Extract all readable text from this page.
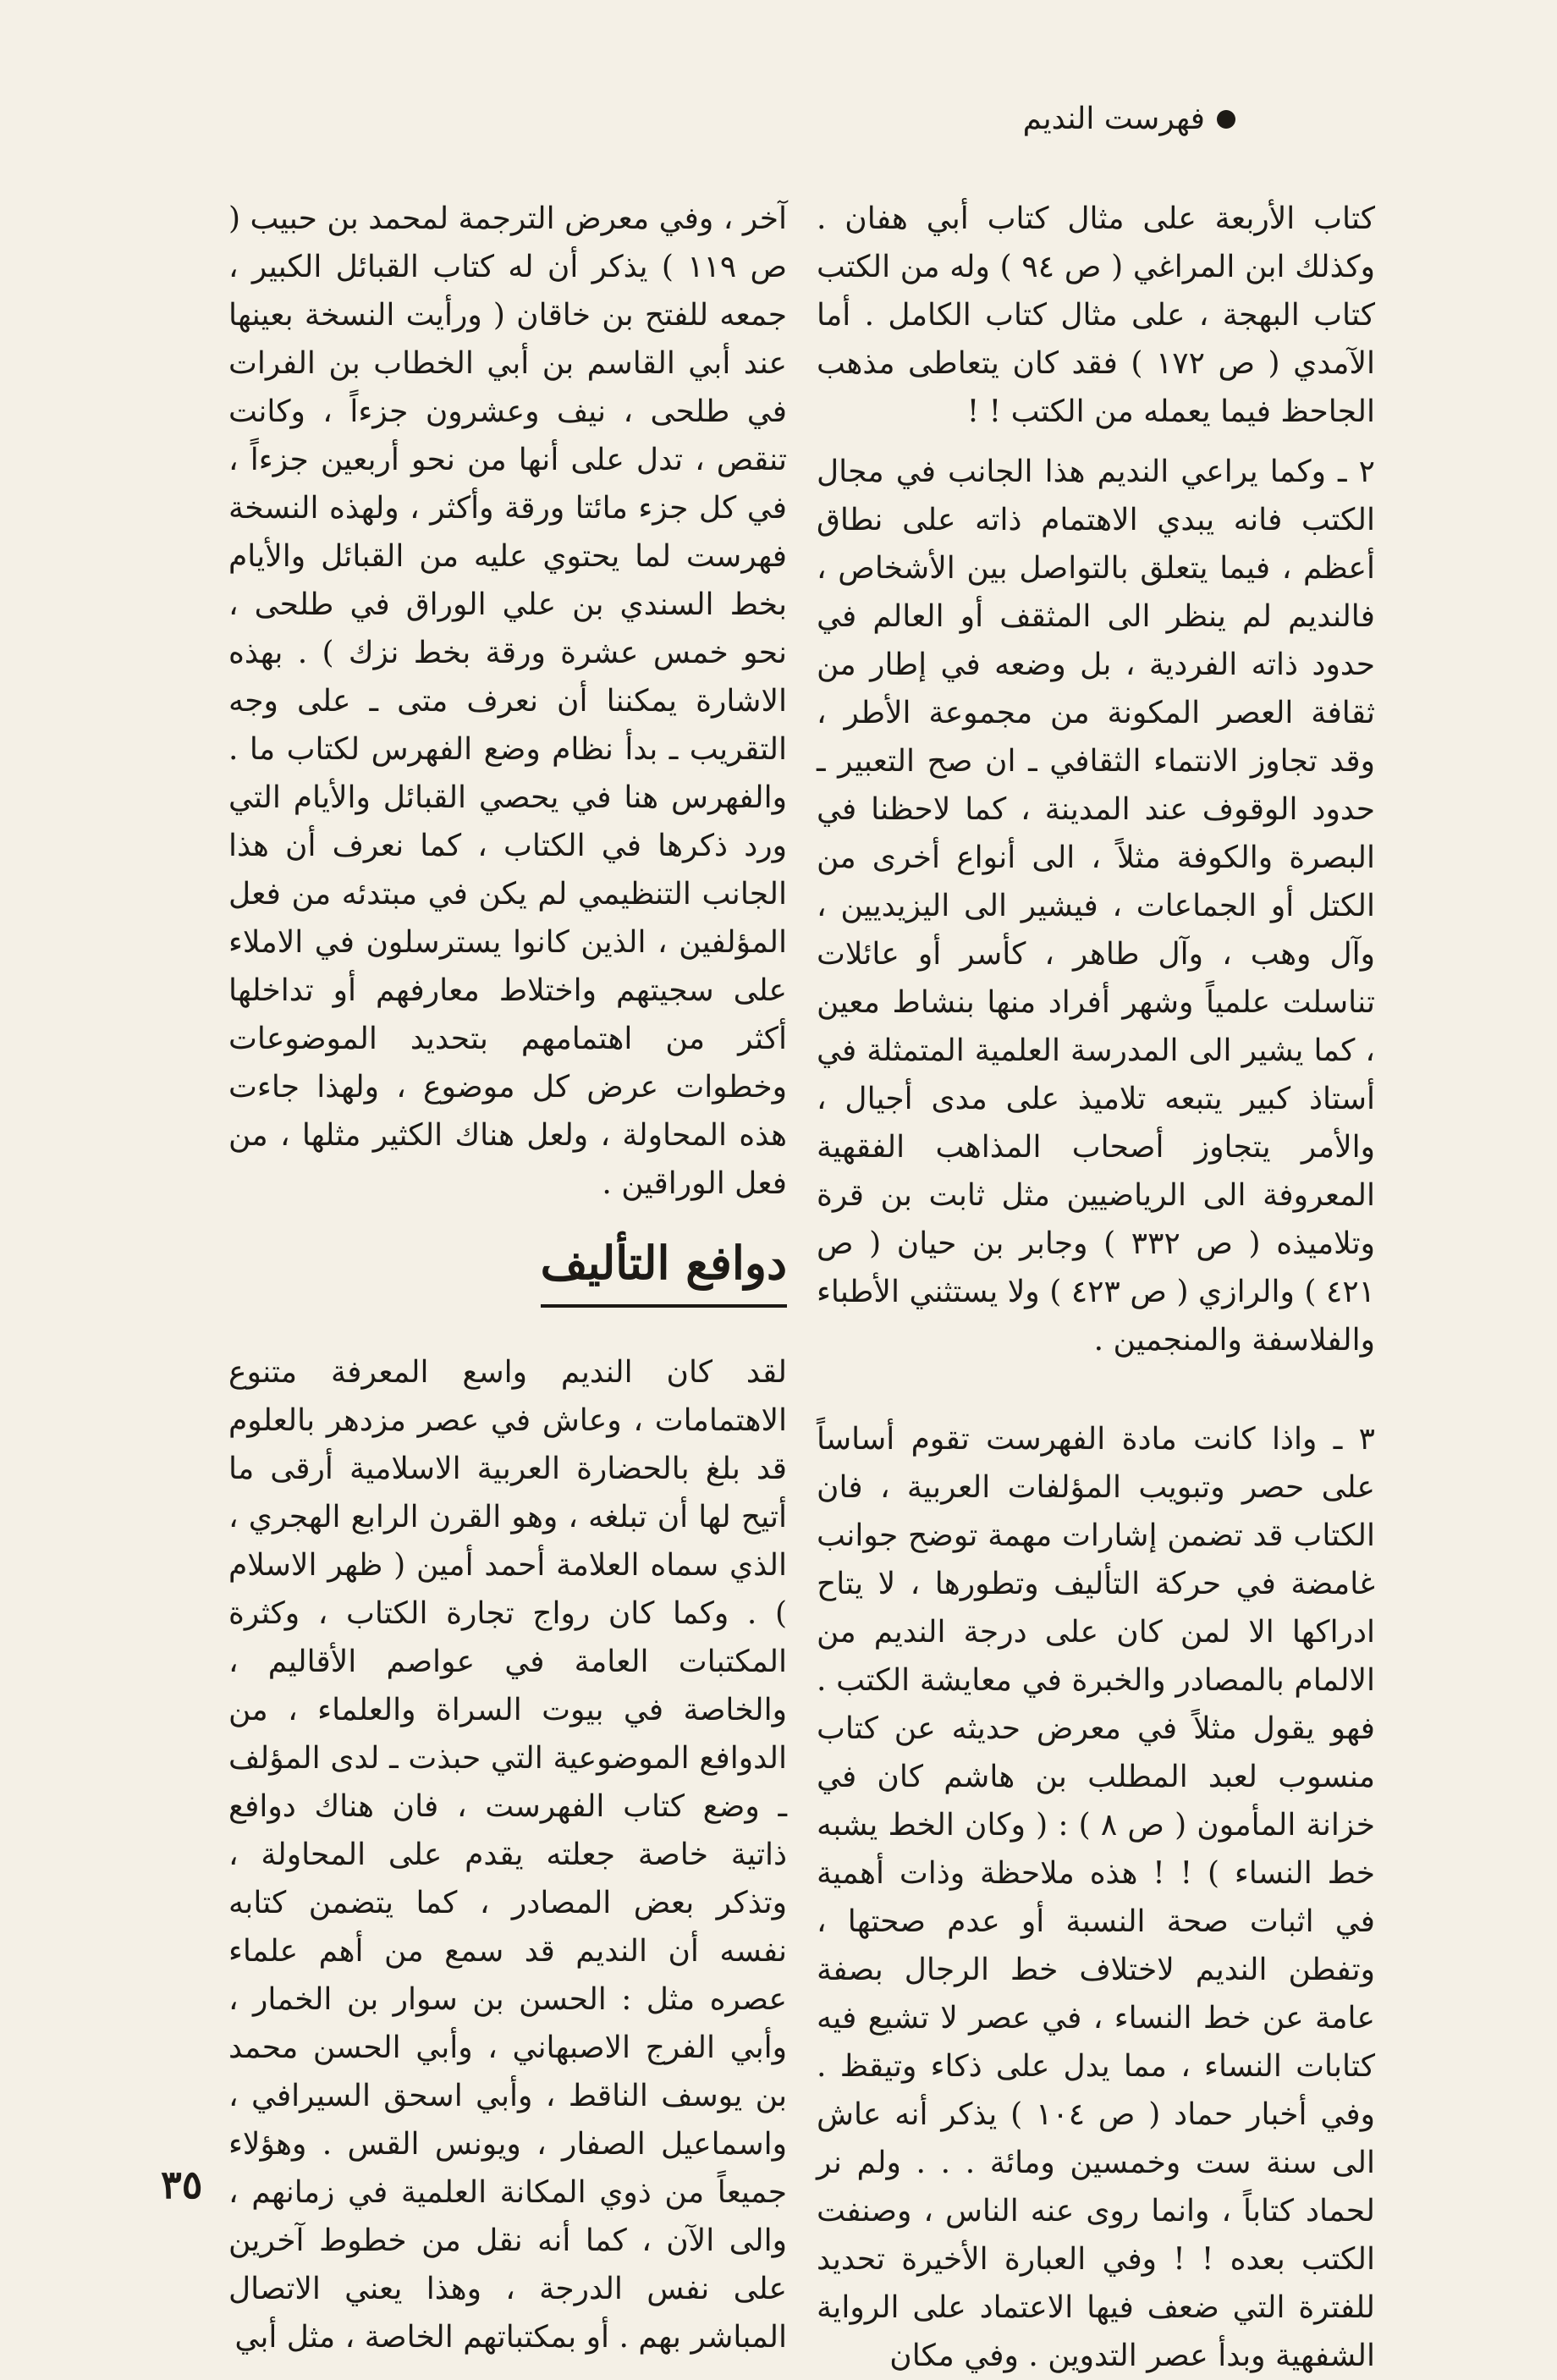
فهرست النديم

كتاب الأربعة على مثال كتاب أبي هفان . وكذلك ابن المراغي ( ص ٩٤ ) وله من الكتب كتاب البهجة ، على مثال كتاب الكامل . أما الآمدي ( ص ١٧٢ ) فقد كان يتعاطى مذهب الجاحظ فيما يعمله من الكتب ! !

٢ ـ وكما يراعي النديم هذا الجانب في مجال الكتب فانه يبدي الاهتمام ذاته على نطاق أعظم ، فيما يتعلق بالتواصل بين الأشخاص ، فالنديم لم ينظر الى المثقف أو العالم في حدود ذاته الفردية ، بل وضعه في إطار من ثقافة العصر المكونة من مجموعة الأطر ، وقد تجاوز الانتماء الثقافي ـ ان صح التعبير ـ حدود الوقوف عند المدينة ، كما لاحظنا في البصرة والكوفة مثلاً ، الى أنواع أخرى من الكتل أو الجماعات ، فيشير الى اليزيديين ، وآل وهب ، وآل طاهر ، كأسر أو عائلات تناسلت علمياً وشهر أفراد منها بنشاط معين ، كما يشير الى المدرسة العلمية المتمثلة في أستاذ كبير يتبعه تلاميذ على مدى أجيال ، والأمر يتجاوز أصحاب المذاهب الفقهية المعروفة الى الرياضيين مثل ثابت بن قرة وتلاميذه ( ص ٣٣٢ ) وجابر بن حيان ( ص ٤٢١ ) والرازي ( ص ٤٢٣ ) ولا يستثني الأطباء والفلاسفة والمنجمين .

٣ ـ واذا كانت مادة الفهرست تقوم أساساً على حصر وتبويب المؤلفات العربية ، فان الكتاب قد تضمن إشارات مهمة توضح جوانب غامضة في حركة التأليف وتطورها ، لا يتاح ادراكها الا لمن كان على درجة النديم من الالمام بالمصادر والخبرة في معايشة الكتب . فهو يقول مثلاً في معرض حديثه عن كتاب منسوب لعبد المطلب بن هاشم كان في خزانة المأمون ( ص ٨ ) : ( وكان الخط يشبه خط النساء ) ! ! هذه ملاحظة وذات أهمية في اثبات صحة النسبة أو عدم صحتها ، وتفطن النديم لاختلاف خط الرجال بصفة عامة عن خط النساء ، في عصر لا تشيع فيه كتابات النساء ، مما يدل على ذكاء وتيقظ . وفي أخبار حماد ( ص ١٠٤ ) يذكر أنه عاش الى سنة ست وخمسين ومائة . . . ولم نر لحماد كتاباً ، وانما روى عنه الناس ، وصنفت الكتب بعده ! ! وفي العبارة الأخيرة تحديد للفترة التي ضعف فيها الاعتماد على الرواية الشفهية وبدأ عصر التدوين . وفي مكان

آخر ، وفي معرض الترجمة لمحمد بن حبيب ( ص ١١٩ ) يذكر أن له كتاب القبائل الكبير ، جمعه للفتح بن خاقان ( ورأيت النسخة بعينها عند أبي القاسم بن أبي الخطاب بن الفرات في طلحى ، نيف وعشرون جزءاً ، وكانت تنقص ، تدل على أنها من نحو أربعين جزءاً ، في كل جزء مائتا ورقة وأكثر ، ولهذه النسخة فهرست لما يحتوي عليه من القبائل والأيام بخط السندي بن علي الوراق في طلحى ، نحو خمس عشرة ورقة بخط نزك ) . بهذه الاشارة يمكننا أن نعرف متى ـ على وجه التقريب ـ بدأ نظام وضع الفهرس لكتاب ما . والفهرس هنا في يحصي القبائل والأيام التي ورد ذكرها في الكتاب ، كما نعرف أن هذا الجانب التنظيمي لم يكن في مبتدئه من فعل المؤلفين ، الذين كانوا يسترسلون في الاملاء على سجيتهم واختلاط معارفهم أو تداخلها أكثر من اهتمامهم بتحديد الموضوعات وخطوات عرض كل موضوع ، ولهذا جاءت هذه المحاولة ، ولعل هناك الكثير مثلها ، من فعل الوراقين .

دوافع التأليف

لقد كان النديم واسع المعرفة متنوع الاهتمامات ، وعاش في عصر مزدهر بالعلوم قد بلغ بالحضارة العربية الاسلامية أرقى ما أتيح لها أن تبلغه ، وهو القرن الرابع الهجري ، الذي سماه العلامة أحمد أمين ( ظهر الاسلام ) . وكما كان رواج تجارة الكتاب ، وكثرة المكتبات العامة في عواصم الأقاليم ، والخاصة في بيوت السراة والعلماء ، من الدوافع الموضوعية التي حبذت ـ لدى المؤلف ـ وضع كتاب الفهرست ، فان هناك دوافع ذاتية خاصة جعلته يقدم على المحاولة ، وتذكر بعض المصادر ، كما يتضمن كتابه نفسه أن النديم قد سمع من أهم علماء عصره مثل : الحسن بن سوار بن الخمار ، وأبي الفرج الاصبهاني ، وأبي الحسن محمد بن يوسف الناقط ، وأبي اسحق السيرافي ، واسماعيل الصفار ، ويونس القس . وهؤلاء جميعاً من ذوي المكانة العلمية في زمانهم ، والى الآن ، كما أنه نقل من خطوط آخرين على نفس الدرجة ، وهذا يعني الاتصال المباشر بهم . أو بمكتباتهم الخاصة ، مثل أبي

٣٥
